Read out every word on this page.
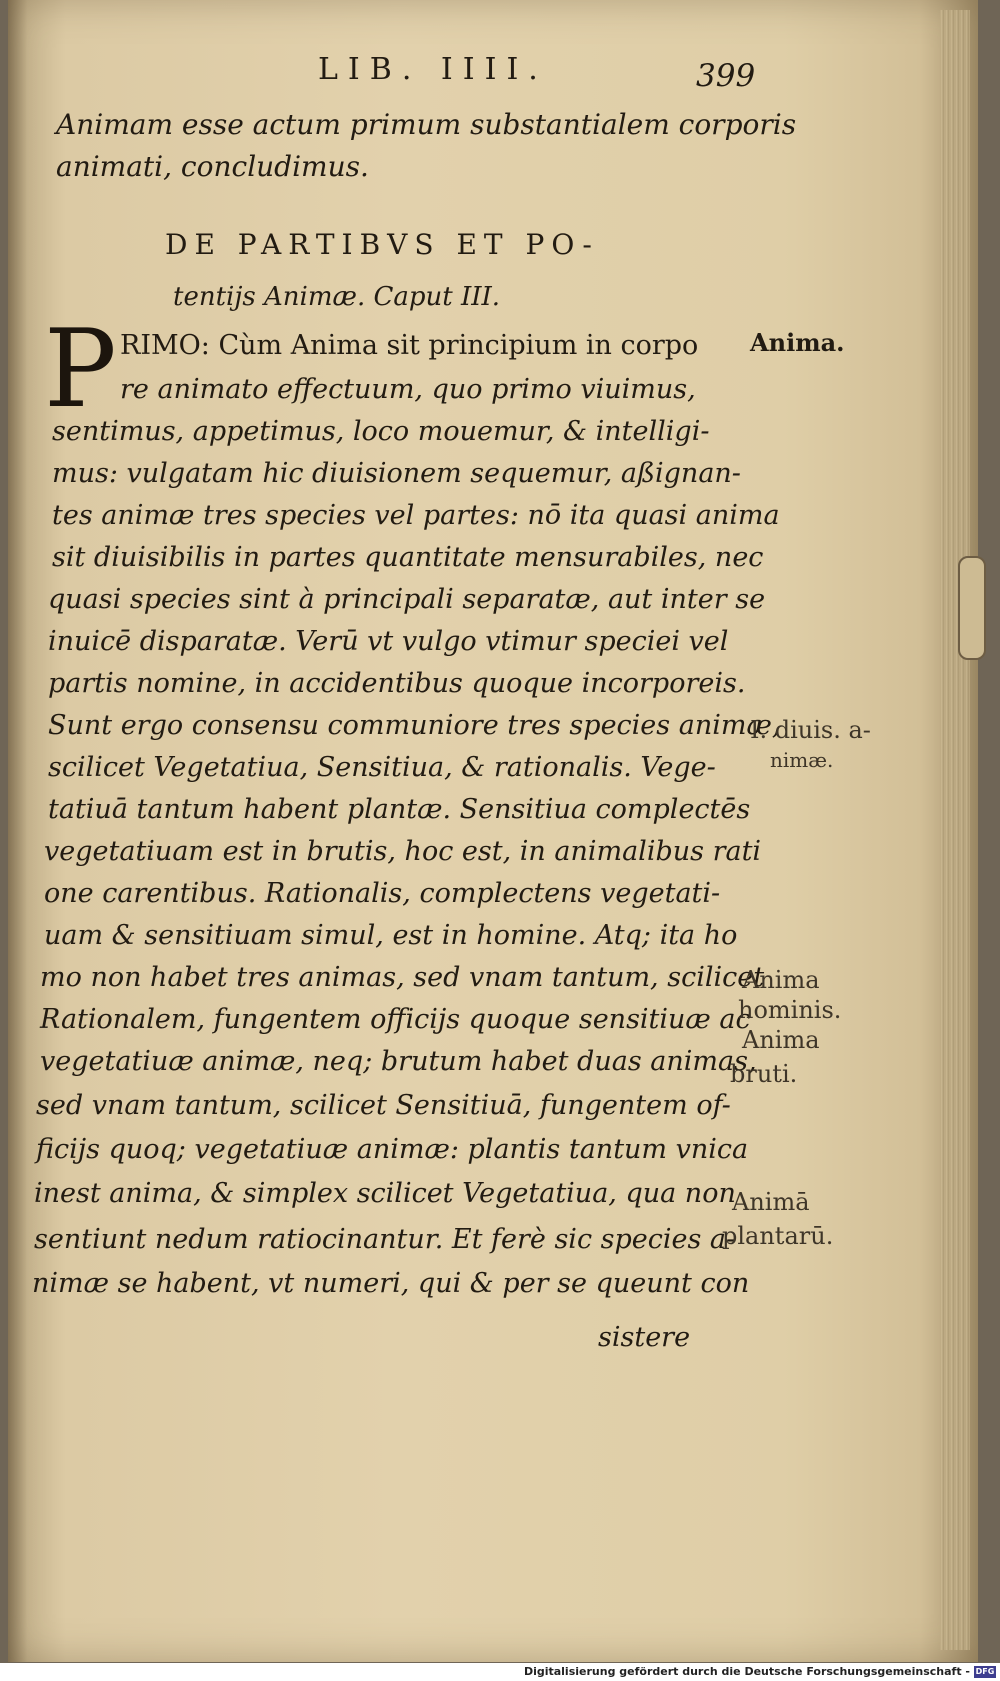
LIB. IIII.	399
Animam esse actum primum substantialem corporis
animati, concludimus.
DE PARTIBVS ET PO-
tentijs Animæ. Caput III.
P RIMO: Cùm Anima sit principium in corpo
re animato effectuum, quo primo viuimus,
sentimus, appetimus, loco mouemur, & intelligi-
mus: vulgatam hic diuisionem sequemur, aßignan-
tes animæ tres species vel partes: nō ita quasi anima
sit diuisibilis in partes quantitate mensurabiles, nec
quasi species sint à principali separatæ, aut inter se
inuicē disparatæ. Verū vt vulgo vtimur speciei vel
partis nomine, in accidentibus quoque incorporeis.
Sunt ergo consensu communiore tres species animæ,
scilicet Vegetatiua, Sensitiua, & rationalis. Vege-
tatiuā tantum habent plantæ. Sensitiua complectēs
vegetatiuam est in brutis, hoc est, in animalibus rati
one carentibus. Rationalis, complectens vegetati-
uam & sensitiuam simul, est in homine. Atq; ita ho
mo non habet tres animas, sed vnam tantum, scilicet
Rationalem, fungentem officijs quoque sensitiuæ ac
vegetatiuæ animæ, neq; brutum habet duas animas,
sed vnam tantum, scilicet Sensitiuā, fungentem of-
ficijs quoq; vegetatiuæ animæ: plantis tantum vnica
inest anima, & simplex scilicet Vegetatiua, qua non
sentiunt nedum ratiocinantur. Et ferè sic species a-
nimæ se habent, vt numeri, qui & per se queunt con
sistere
Anima.
I. diuis. a-
nimæ.
Anima
hominis.
Anima
bruti.
Animā
plantarū.
Digitalisierung gefördert durch die Deutsche Forschungsgemeinschaft - DFG
